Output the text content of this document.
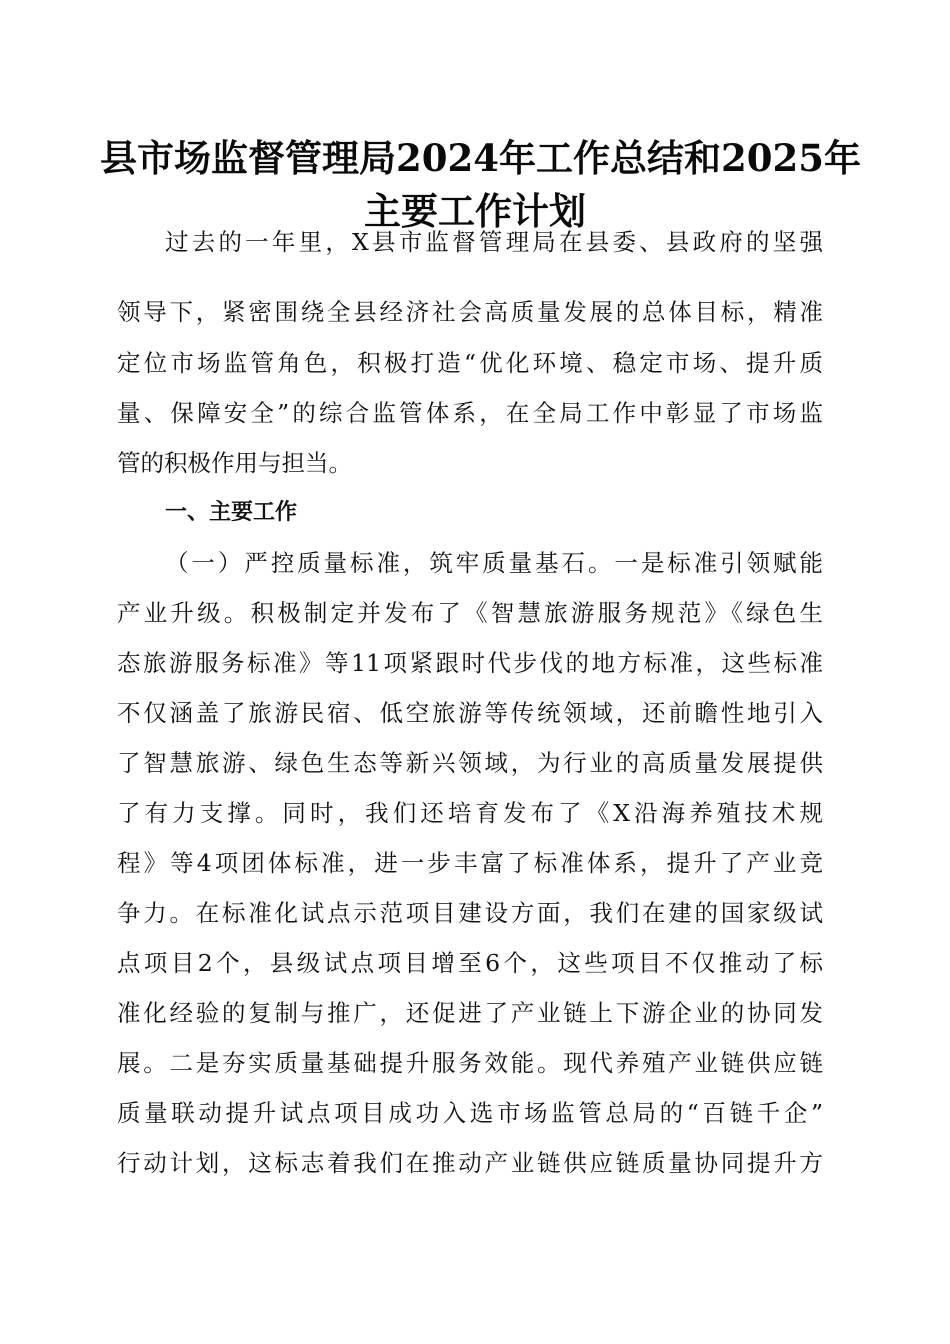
县市场监督管理局2024年工作总结和2025年
主要工作计划
过去的一年里，X县市监督管理局在县委、县政府的坚强
领导下，紧密围绕全县经济社会高质量发展的总体目标，精准
定位市场监管角色，积极打造“优化环境、稳定市场、提升质
量、保障安全”的综合监管体系，在全局工作中彰显了市场监
管的积极作用与担当。
一、主要工作
（一）严控质量标准，筑牢质量基石。一是标准引领赋能
产业升级。积极制定并发布了《智慧旅游服务规范》《绿色生
态旅游服务标准》等11项紧跟时代步伐的地方标准，这些标准
不仅涵盖了旅游民宿、低空旅游等传统领域，还前瞻性地引入
了智慧旅游、绿色生态等新兴领域，为行业的高质量发展提供
了有力支撑。同时，我们还培育发布了《X沿海养殖技术规
程》等4项团体标准，进一步丰富了标准体系，提升了产业竞
争力。在标准化试点示范项目建设方面，我们在建的国家级试
点项目2个，县级试点项目增至6个，这些项目不仅推动了标
准化经验的复制与推广，还促进了产业链上下游企业的协同发
展。二是夯实质量基础提升服务效能。现代养殖产业链供应链
质量联动提升试点项目成功入选市场监管总局的“百链千企”
行动计划，这标志着我们在推动产业链供应链质量协同提升方
